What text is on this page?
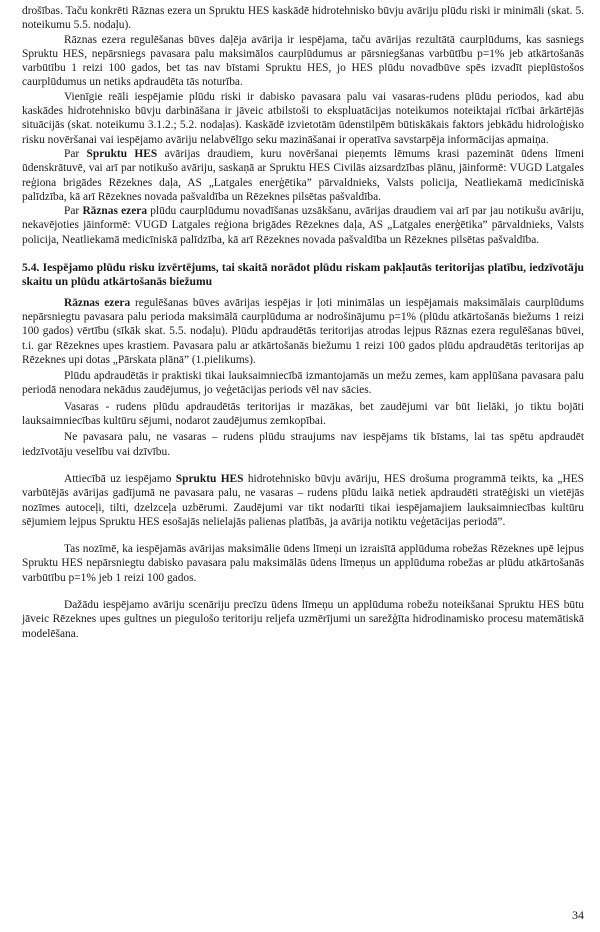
drošības. Taču konkrēti Rāznas ezera un Spruktu HES kaskādē hidrotehnisko būvju avāriju plūdu riski ir minimāli (skat. 5. noteikumu 5.5. nodaļu).

Rāznas ezera regulēšanas būves daļēja avārija ir iespējama, taču avārijas rezultātā caurplūdums, kas sasniegs Spruktu HES, nepārsniegs pavasara palu maksimālos caurplūdumus ar pārsniegšanas varbūtību p=1% jeb atkārtošanās varbūtību 1 reizi 100 gados, bet tas nav bīstami Spruktu HES, jo HES plūdu novadbūve spēs izvadīt pieplūstošos caurplūdumus un netiks apdraudēta tās noturība.

Vienīgie reāli iespējamie plūdu riski ir dabisko pavasara palu vai vasaras-rudens plūdu periodos, kad abu kaskādes hidrotehnisko būvju darbināšana ir jāveic atbilstoši to ekspluatācijas noteikumos noteiktajai rīcībai ārkārtējās situācijās (skat. noteikumu 3.1.2.; 5.2. nodaļas). Kaskādē izvietotām ūdenstilpēm būtiskākais faktors jebkādu hidroloģisko risku novēršanai vai iespējamo avāriju nelabvēlīgo seku mazināšanai ir operatīva savstarpēja informācijas apmaiņa.

Par Spruktu HES avārijas draudiem, kuru novēršanai pieņemts lēmums krasi pazemināt ūdens līmeni ūdenskrātuvē, vai arī par notikušo avāriju, saskaņā ar Spruktu HES Civilās aizsardzības plānu, jāinformē: VUGD Latgales reģiona brigādes Rēzeknes daļa, AS „Latgales enerģētika” pārvaldnieks, Valsts policija, Neatliekamā medicīniskā palīdzība, kā arī Rēzeknes novada pašvaldība un Rēzeknes pilsētas pašvaldība.

Par Rāznas ezera plūdu caurplūdumu novadīšanas uzsākšanu, avārijas draudiem vai arī par jau notikušu avāriju, nekavējoties jāinformē: VUGD Latgales reģiona brigādes Rēzeknes daļa, AS „Latgales enerģētika” pārvaldnieks, Valsts policija, Neatliekamā medicīniskā palīdzība, kā arī Rēzeknes novada pašvaldība un Rēzeknes pilsētas pašvaldība.

5.4. Iespējamo plūdu risku izvērtējums, tai skaitā norādot plūdu riskam pakļautās teritorijas platību, iedzīvotāju skaitu un plūdu atkārtošanās biežumu

Rāznas ezera regulēšanas būves avārijas iespējas ir ļoti minimālas un iespējamais maksimālais caurplūdums nepārsniegtu pavasara palu perioda maksimālā caurplūduma ar nodrošinājumu p=1% (plūdu atkārtošanās biežums 1 reizi 100 gados) vērtību (sīkāk skat. 5.5. nodaļu). Plūdu apdraudētās teritorijas atrodas lejpus Rāznas ezera regulēšanas būvei, t.i. gar Rēzeknes upes krastiem. Pavasara palu ar atkārtošanās biežumu 1 reizi 100 gados plūdu apdraudētās teritorijas ap Rēzeknes upi dotas „Pārskata plānā” (1.pielikums).

Plūdu apdraudētās ir praktiski tikai lauksaimniecībā izmantojamās un mežu zemes, kam applūšana pavasara palu periodā nenodara nekādus zaudējumus, jo veģetācijas periods vēl nav sācies.

Vasaras - rudens plūdu apdraudētās teritorijas ir mazākas, bet zaudējumi var būt lielāki, jo tiktu bojāti lauksaimniecības kultūru sējumi, nodarot zaudējumus zemkopībai.

Ne pavasara palu, ne vasaras – rudens plūdu straujums nav iespējams tik bīstams, lai tas spētu apdraudēt iedzīvotāju veselību vai dzīvību.

Attiecībā uz iespējamo Spruktu HES hidrotehnisko būvju avāriju, HES drošuma programmā teikts, ka „HES varbūtējās avārijas gadījumā ne pavasara palu, ne vasaras – rudens plūdu laikā netiek apdraudēti stratēģiski un vietējās nozīmes autoceļi, tilti, dzelzceļa uzbērumi. Zaudējumi var tikt nodarīti tikai iespējamajiem lauksaimniecības kultūru sējumiem lejpus Spruktu HES esošajās nelielajās palienas platībās, ja avārija notiktu veģetācijas periodā”.

Tas nozīmē, ka iespējamās avārijas maksimālie ūdens līmeņi un izraisītā applūduma robežas Rēzeknes upē lejpus Spruktu HES nepārsniegtu dabisko pavasara palu maksimālās ūdens līmeņus un applūduma robežas ar plūdu atkārtošanās varbūtību p=1% jeb 1 reizi 100 gados.

Dažādu iespējamo avāriju scenāriju precīzu ūdens līmeņu un applūduma robežu noteikšanai Spruktu HES būtu jāveic Rēzeknes upes gultnes un piegulošo teritoriju reljefa uzmērījumi un sarežģīta hidrodinamisko procesu matemātiskā modelēšana.

34
